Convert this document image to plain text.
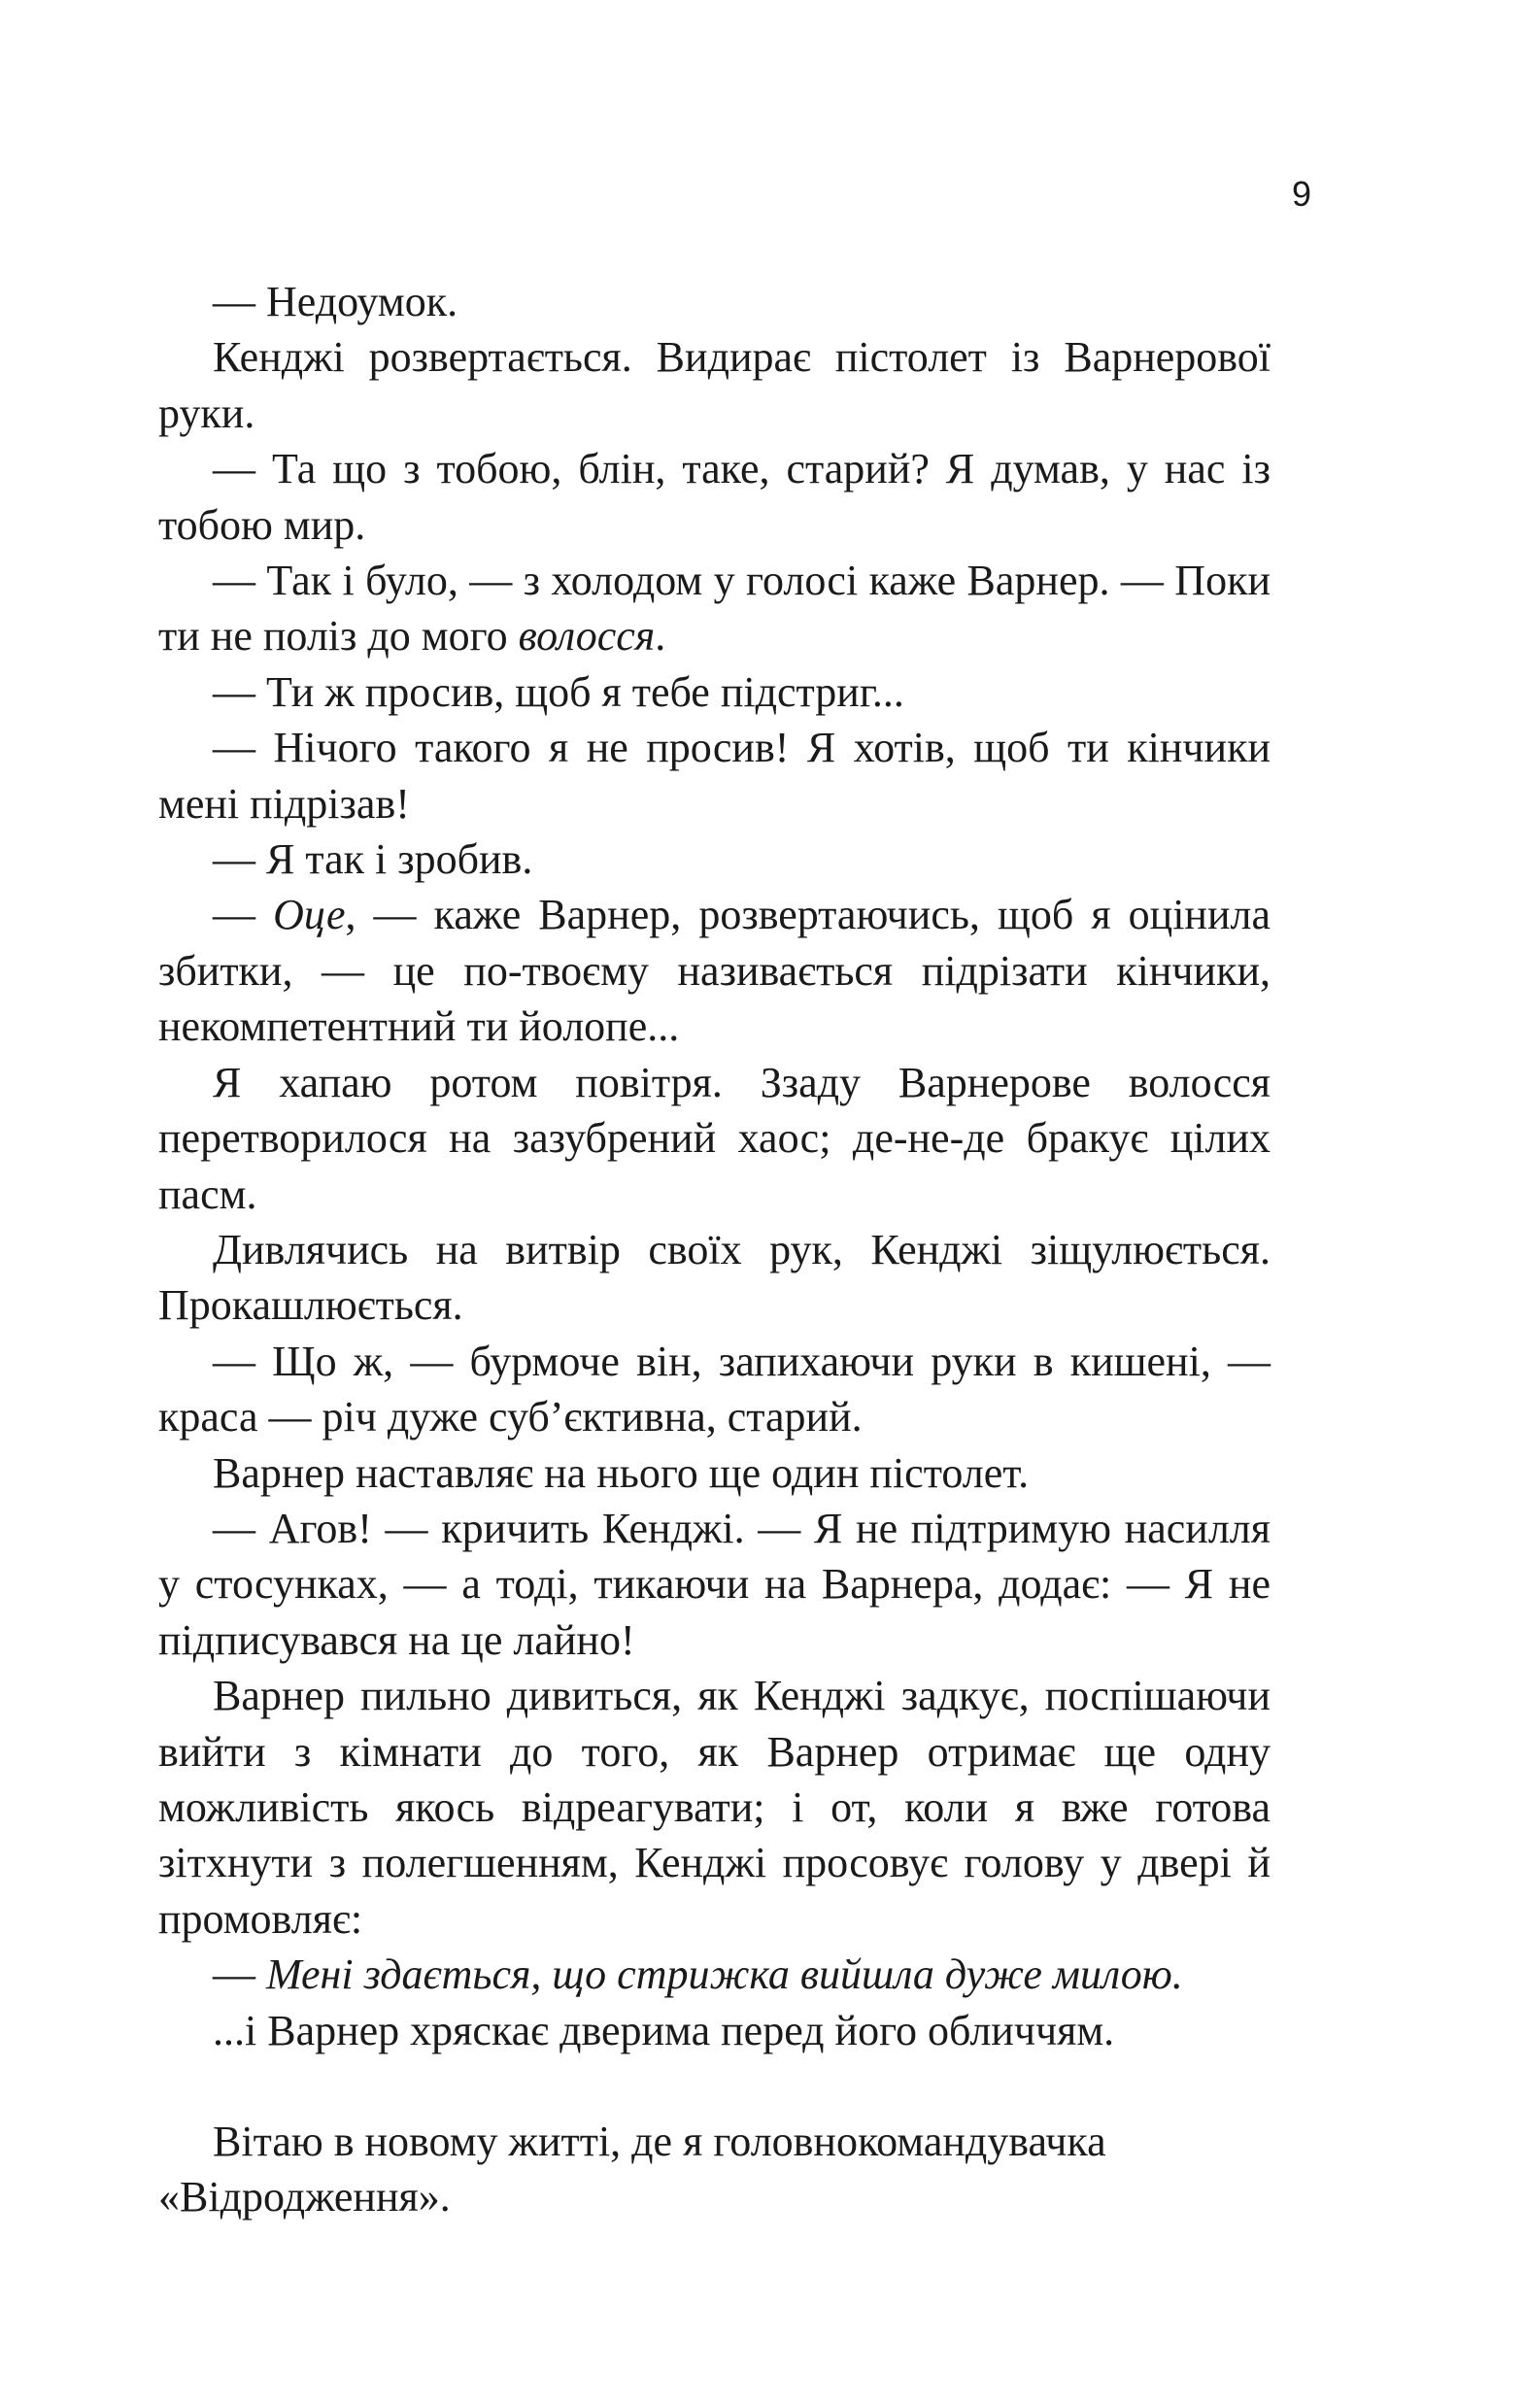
9

— Недоумок.

Кенджі розвертається. Видирає пістолет із Варнерової руки.

— Та що з тобою, блін, таке, старий? Я думав, у нас із тобою мир.

— Так і було, — з холодом у голосі каже Варнер. — Поки ти не поліз до мого волосся.

— Ти ж просив, щоб я тебе підстриг...

— Нічого такого я не просив! Я хотів, щоб ти кінчики мені підрізав!

— Я так і зробив.

— Оце, — каже Варнер, розвертаючись, щоб я оцінила збитки, — це по-твоєму називається підрізати кінчики, некомпетентний ти йолопе...

Я хапаю ротом повітря. Ззаду Варнерове волосся перетворилося на зазубрений хаос; де-не-де бракує цілих пасм.

Дивлячись на витвір своїх рук, Кенджі зіщулюється. Прокашлюється.

— Що ж, — бурмоче він, запихаючи руки в кишені, — краса — річ дуже суб’єктивна, старий.

Варнер наставляє на нього ще один пістолет.

— Агов! — кричить Кенджі. — Я не підтримую насилля у стосунках, — а тоді, тикаючи на Варнера, додає: — Я не підписувався на це лайно!

Варнер пильно дивиться, як Кенджі задкує, поспішаючи вийти з кімнати до того, як Варнер отримає ще одну можливість якось відреагувати; і от, коли я вже готова зітхнути з полегшенням, Кенджі просовує голову у двері й промовляє:

— Мені здається, що стрижка вийшла дуже милою.

...і Варнер хряскає дверима перед його обличчям.

Вітаю в новому житті, де я головнокомандувачка «Відродження».
